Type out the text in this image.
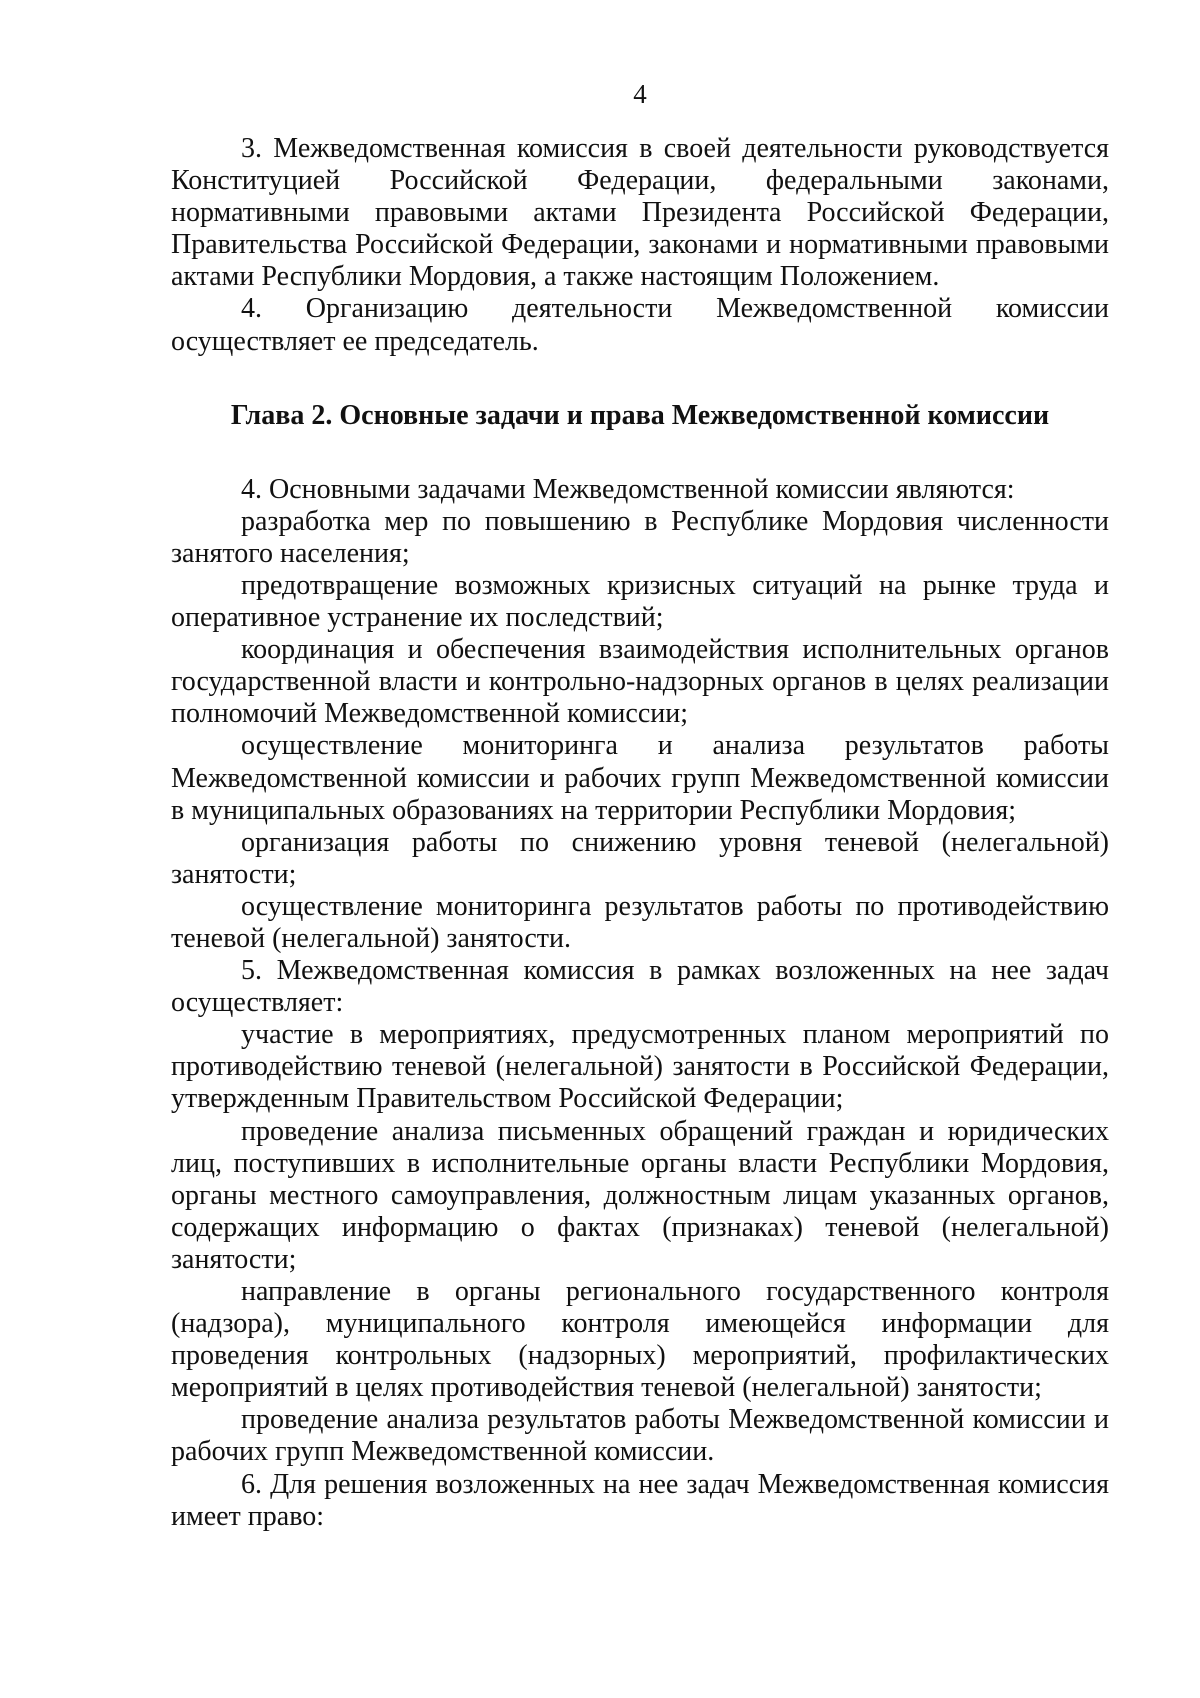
4

3. Межведомственная комиссия в своей деятельности руководствуется Конституцией Российской Федерации, федеральными законами, нормативными правовыми актами Президента Российской Федерации, Правительства Российской Федерации, законами и нормативными правовыми актами Республики Мордовия, а также настоящим Положением.

4. Организацию деятельности Межведомственной комиссии осуществляет ее председатель.

Глава 2. Основные задачи и права Межведомственной комиссии

4. Основными задачами Межведомственной комиссии являются:

разработка мер по повышению в Республике Мордовия численности занятого населения;

предотвращение возможных кризисных ситуаций на рынке труда и оперативное устранение их последствий;

координация и обеспечения взаимодействия исполнительных органов государственной власти и контрольно-надзорных органов в целях реализации полномочий Межведомственной комиссии;

осуществление мониторинга и анализа результатов работы Межведомственной комиссии и рабочих групп Межведомственной комиссии в муниципальных образованиях на территории Республики Мордовия;

организация работы по снижению уровня теневой (нелегальной) занятости;

осуществление мониторинга результатов работы по противодействию теневой (нелегальной) занятости.

5. Межведомственная комиссия в рамках возложенных на нее задач осуществляет:

участие в мероприятиях, предусмотренных планом мероприятий по противодействию теневой (нелегальной) занятости в Российской Федерации, утвержденным Правительством Российской Федерации;

проведение анализа письменных обращений граждан и юридических лиц, поступивших в исполнительные органы власти Республики Мордовия, органы местного самоуправления, должностным лицам указанных органов, содержащих информацию о фактах (признаках) теневой (нелегальной) занятости;

направление в органы регионального государственного контроля (надзора), муниципального контроля имеющейся информации для проведения контрольных (надзорных) мероприятий, профилактических мероприятий в целях противодействия теневой (нелегальной) занятости;

проведение анализа результатов работы Межведомственной комиссии и рабочих групп Межведомственной комиссии.

6. Для решения возложенных на нее задач Межведомственная комиссия имеет право:
